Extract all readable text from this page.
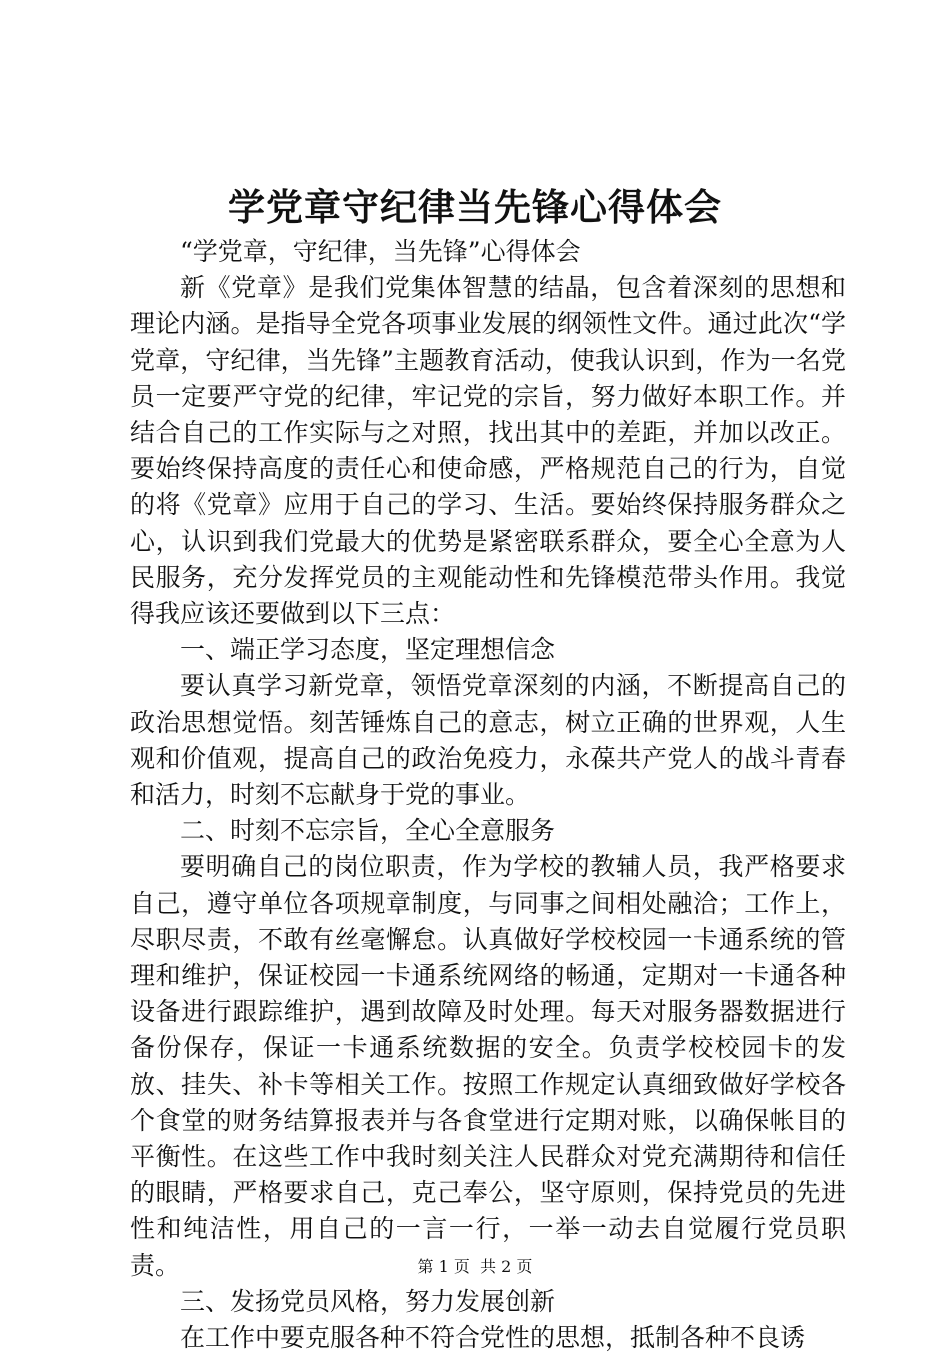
学党章守纪律当先锋心得体会

“学党章，守纪律，当先锋”心得体会

新《党章》是我们党集体智慧的结晶，包含着深刻的思想和理论内涵。是指导全党各项事业发展的纲领性文件。通过此次“学党章，守纪律，当先锋”主题教育活动，使我认识到，作为一名党员一定要严守党的纪律，牢记党的宗旨，努力做好本职工作。并结合自己的工作实际与之对照，找出其中的差距，并加以改正。要始终保持高度的责任心和使命感，严格规范自己的行为，自觉的将《党章》应用于自己的学习、生活。要始终保持服务群众之心，认识到我们党最大的优势是紧密联系群众，要全心全意为人民服务，充分发挥党员的主观能动性和先锋模范带头作用。我觉得我应该还要做到以下三点：

一、端正学习态度，坚定理想信念

要认真学习新党章，领悟党章深刻的内涵，不断提高自己的政治思想觉悟。刻苦锤炼自己的意志，树立正确的世界观，人生观和价值观，提高自己的政治免疫力，永葆共产党人的战斗青春和活力，时刻不忘献身于党的事业。

二、时刻不忘宗旨，全心全意服务

要明确自己的岗位职责，作为学校的教辅人员，我严格要求自己，遵守单位各项规章制度，与同事之间相处融洽；工作上，尽职尽责，不敢有丝毫懈怠。认真做好学校校园一卡通系统的管理和维护，保证校园一卡通系统网络的畅通，定期对一卡通各种设备进行跟踪维护，遇到故障及时处理。每天对服务器数据进行备份保存，保证一卡通系统数据的安全。负责学校校园卡的发放、挂失、补卡等相关工作。按照工作规定认真细致做好学校各个食堂的财务结算报表并与各食堂进行定期对账，以确保帐目的平衡性。在这些工作中我时刻关注人民群众对党充满期待和信任的眼睛，严格要求自己，克己奉公，坚守原则，保持党员的先进性和纯洁性，用自己的一言一行，一举一动去自觉履行党员职责。

三、发扬党员风格，努力发展创新

在工作中要克服各种不符合党性的思想，抵制各种不良诱

第 1 页  共 2 页
